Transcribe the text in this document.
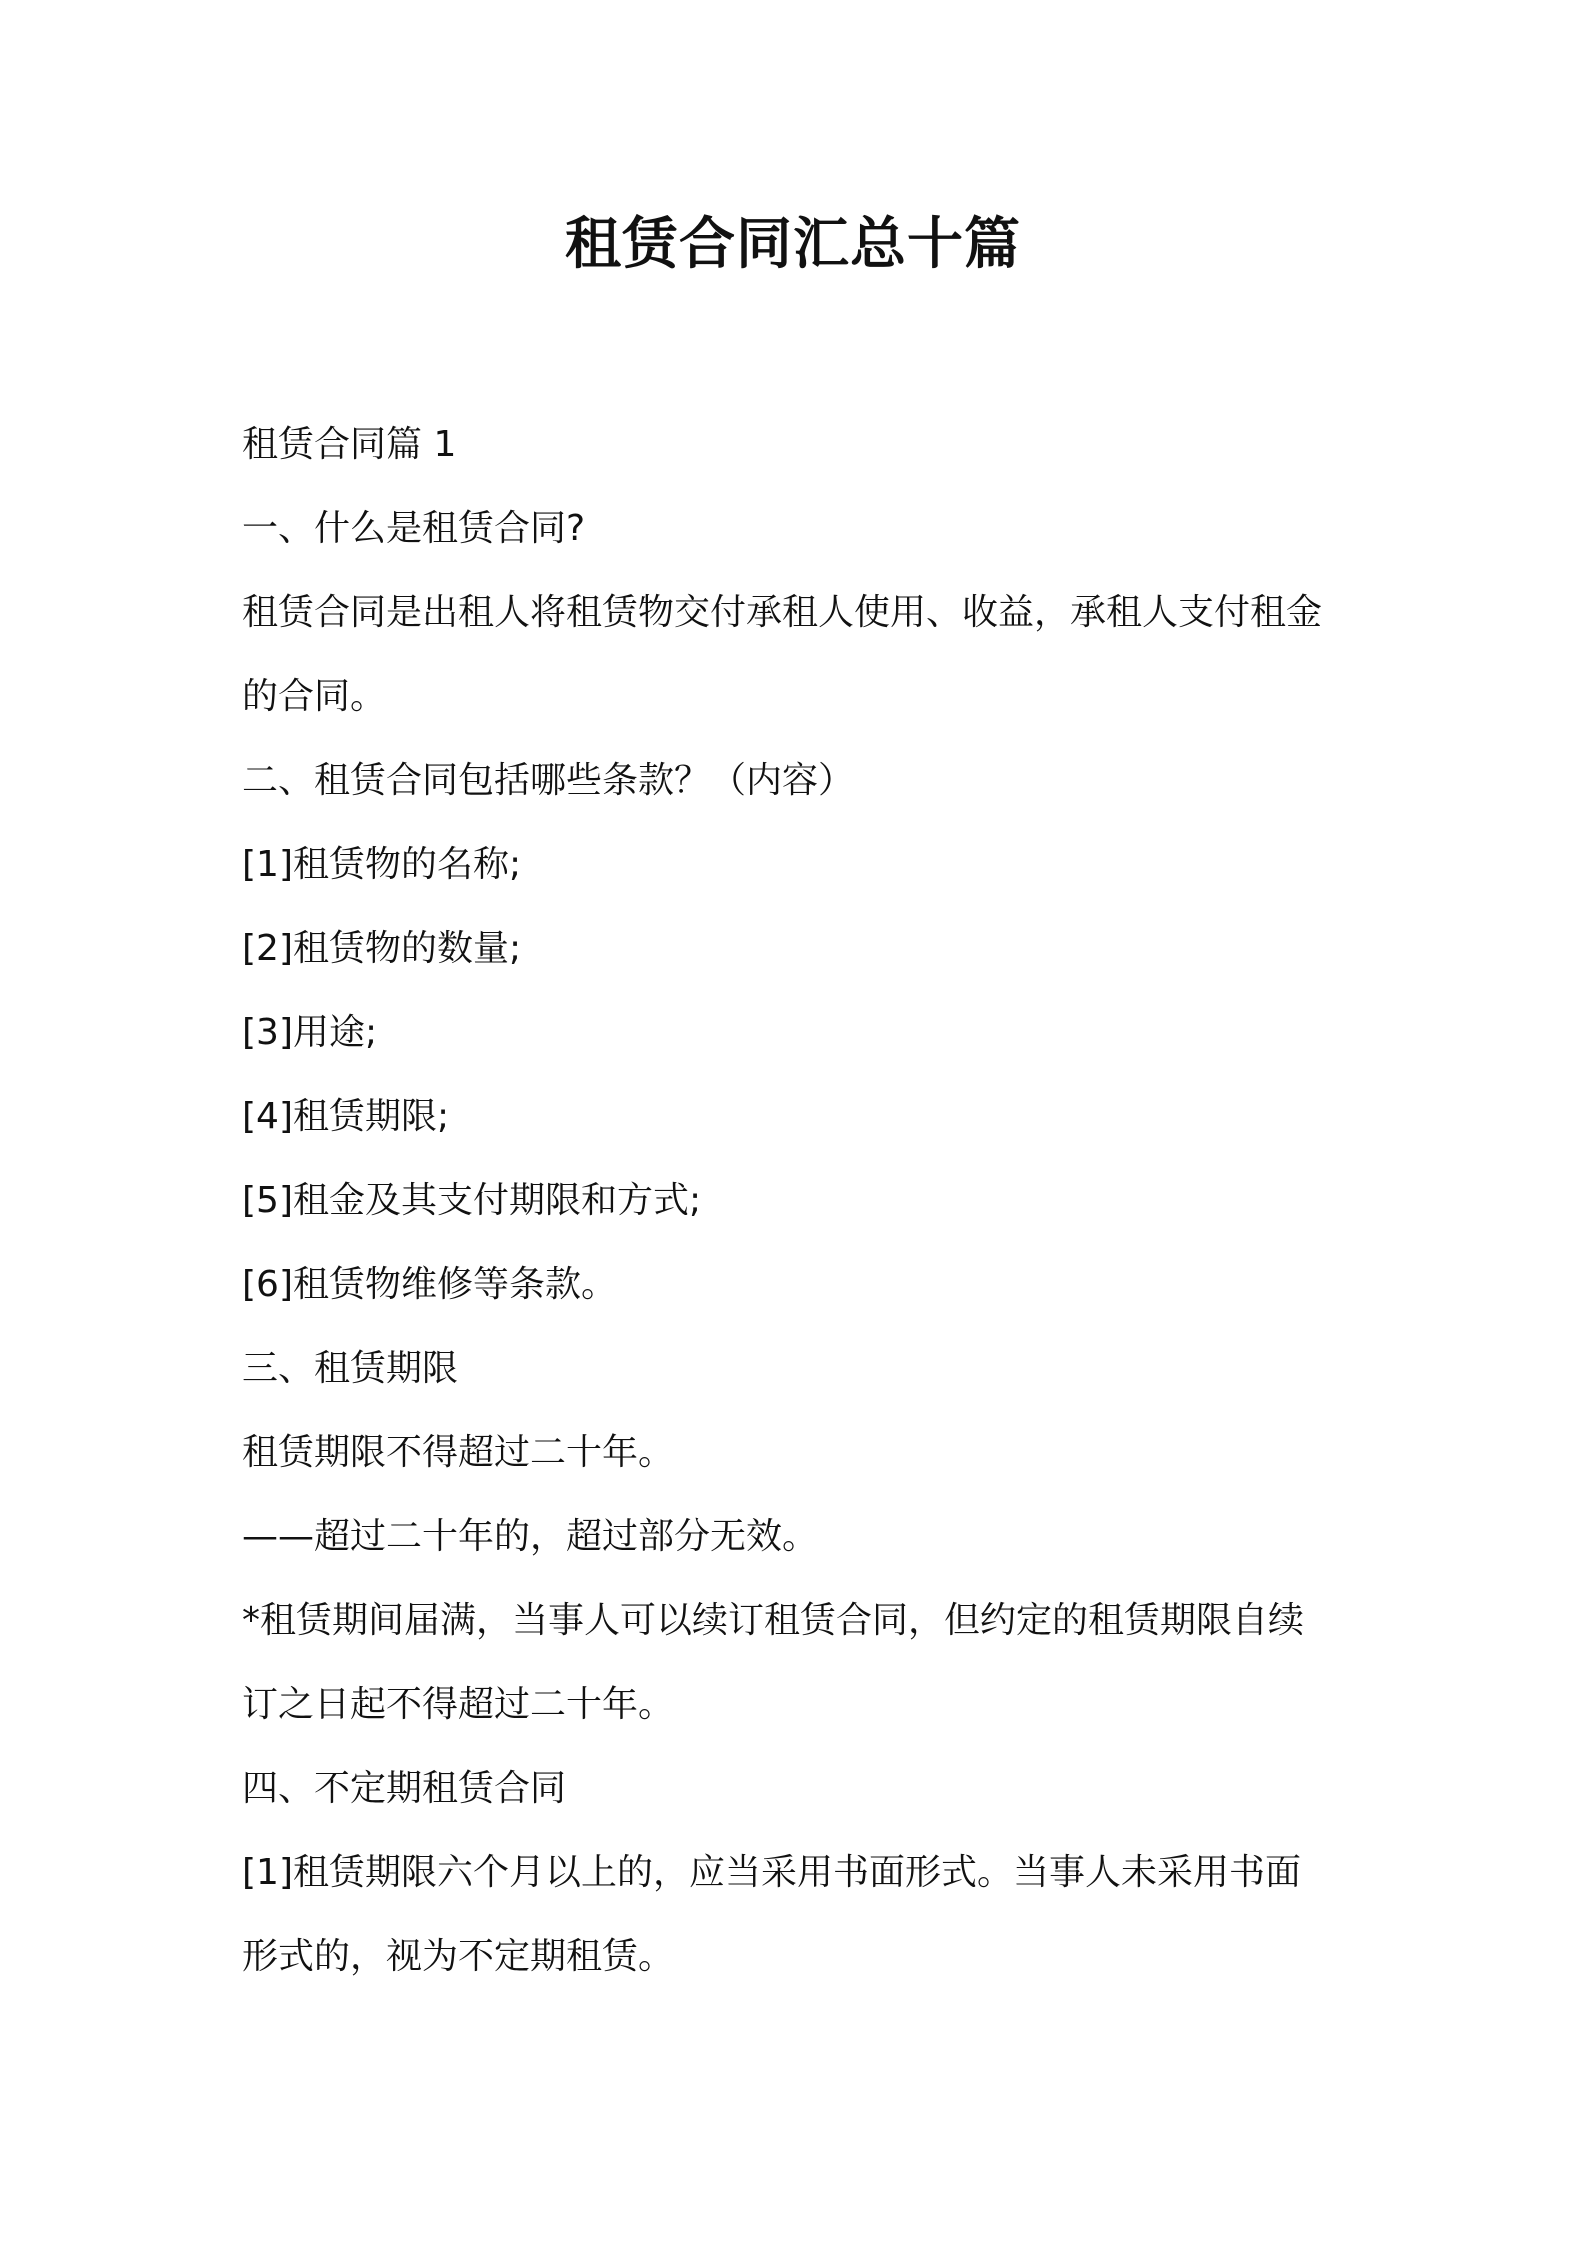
租赁合同汇总十篇

租赁合同篇 1

一、什么是租赁合同?

租赁合同是出租人将租赁物交付承租人使用、收益，承租人支付租金

的合同。

二、租赁合同包括哪些条款？（内容）

[1]租赁物的名称;

[2]租赁物的数量;

[3]用途;

[4]租赁期限;

[5]租金及其支付期限和方式;

[6]租赁物维修等条款。

三、租赁期限

租赁期限不得超过二十年。

——超过二十年的，超过部分无效。

*租赁期间届满，当事人可以续订租赁合同，但约定的租赁期限自续

订之日起不得超过二十年。

四、不定期租赁合同

[1]租赁期限六个月以上的，应当采用书面形式。当事人未采用书面

形式的，视为不定期租赁。
